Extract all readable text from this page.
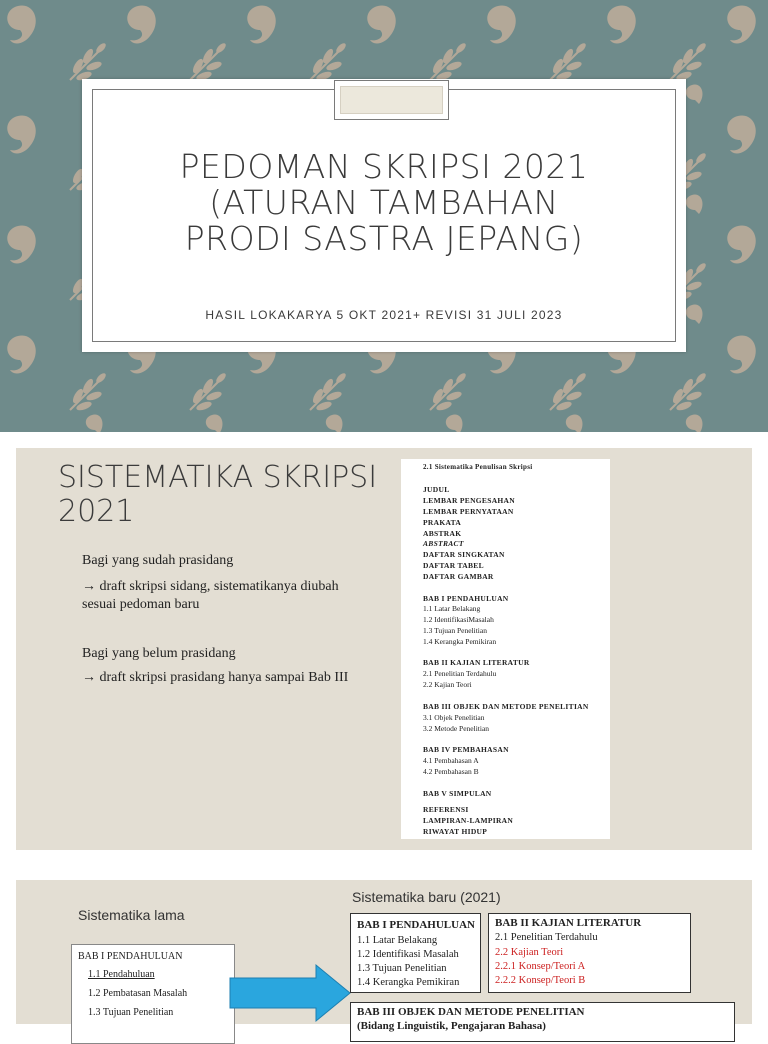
PEDOMAN SKRIPSI 2021
(ATURAN TAMBAHAN
PRODI SASTRA JEPANG)
HASIL LOKAKARYA 5 OKT 2021+ REVISI 31 JULI 2023
SISTEMATIKA SKRIPSI
2021
Bagi yang sudah prasidang
→ draft skripsi sidang, sistematikanya diubah
sesuai pedoman baru
Bagi yang belum prasidang
→ draft skripsi prasidang hanya sampai Bab III
2.1 Sistematika Penulisan Skripsi
JUDUL
LEMBAR PENGESAHAN
LEMBAR PERNYATAAN
PRAKATA
ABSTRAK
ABSTRACT
DAFTAR SINGKATAN
DAFTAR TABEL
DAFTAR GAMBAR
BAB I PENDAHULUAN
1.1 Latar Belakang
1.2 IdentifikasiMasalah
1.3 Tujuan Penelitian
1.4 Kerangka Pemikiran
BAB II KAJIAN LITERATUR
2.1 Penelitian Terdahulu
2.2 Kajian Teori
BAB III OBJEK DAN METODE PENELITIAN
3.1 Objek Penelitian
3.2 Metode Penelitian
BAB IV PEMBAHASAN
4.1 Pembahasan A
4.2 Pembahasan B
BAB V SIMPULAN
REFERENSI
LAMPIRAN-LAMPIRAN
RIWAYAT HIDUP
Sistematika baru (2021)
Sistematika lama
BAB I PENDAHULUAN
1.1 Pendahuluan
1.2 Pembatasan Masalah
1.3 Tujuan Penelitian
BAB I PENDAHULUAN
1.1 Latar Belakang
1.2 Identifikasi Masalah
1.3 Tujuan Penelitian
1.4 Kerangka Pemikiran
BAB II KAJIAN LITERATUR
2.1 Penelitian Terdahulu
2.2 Kajian Teori
2.2.1 Konsep/Teori A
2.2.2 Konsep/Teori B
BAB III OBJEK DAN METODE PENELITIAN
(Bidang Linguistik, Pengajaran Bahasa)
